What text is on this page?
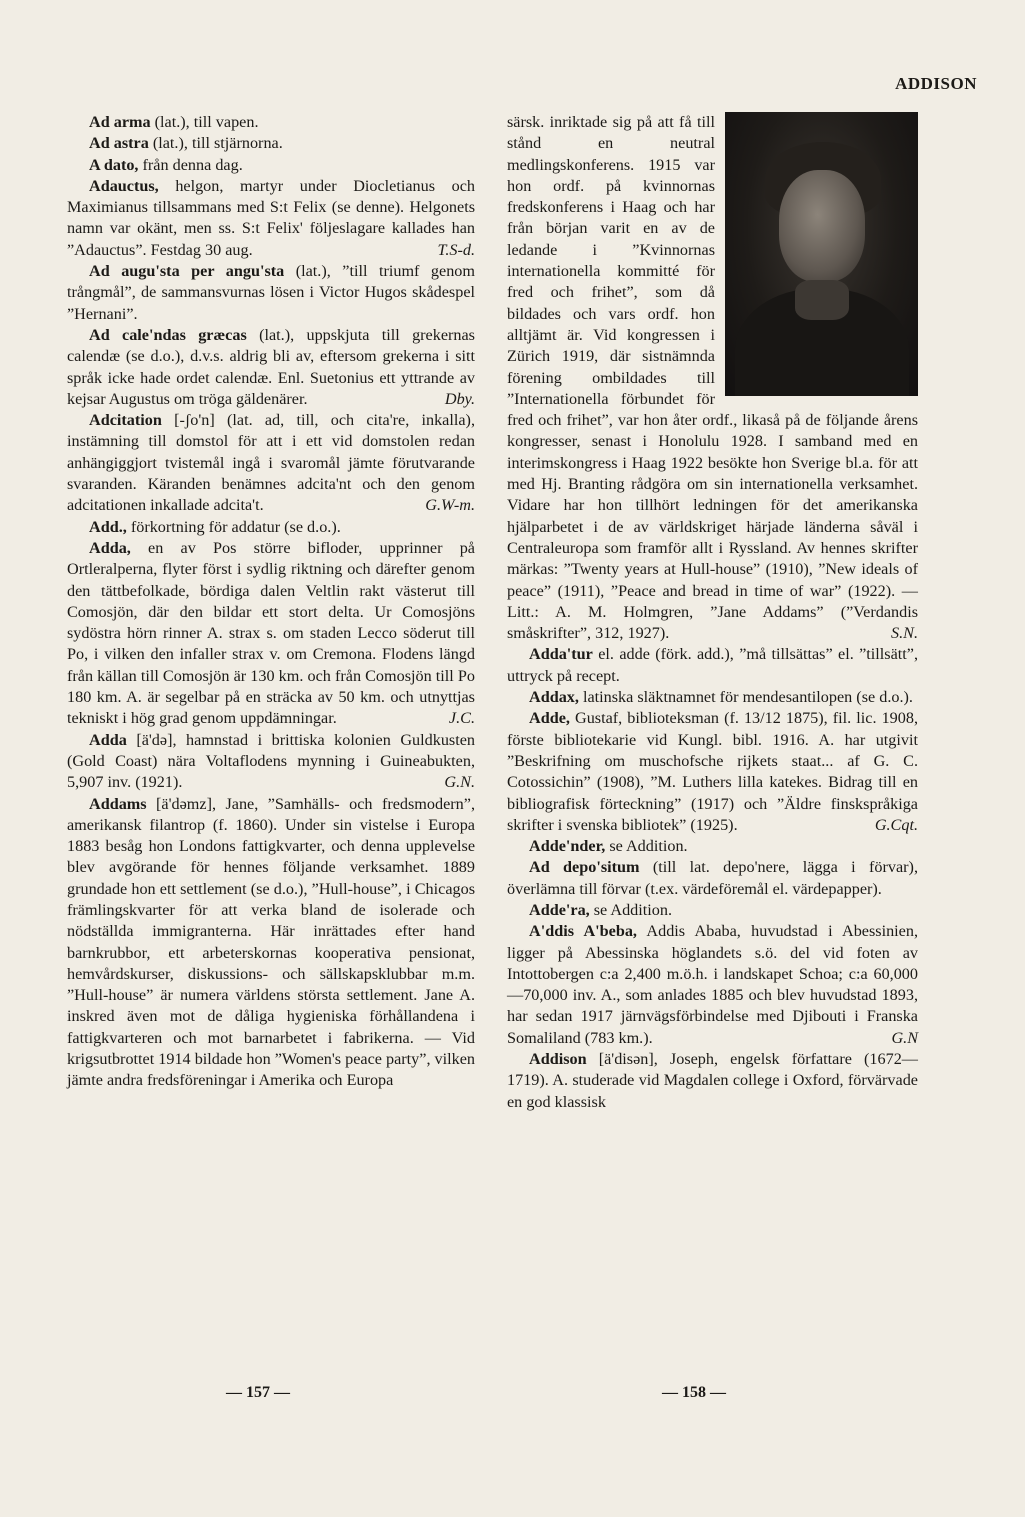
ADDISON

Ad arma (lat.), till vapen.

Ad astra (lat.), till stjärnorna.

A dato, från denna dag.

Adauctus, helgon, martyr under Diocletianus och Maximianus tillsammans med S:t Felix (se denne). Helgonets namn var okänt, men ss. S:t Felix' följeslagare kallades han ”Adauctus”. Festdag 30 aug.	T.S-d.

Ad augu'sta per angu'sta (lat.), ”till triumf genom trångmål”, de sammansvurnas lösen i Victor Hugos skådespel ”Hernani”.

Ad cale'ndas græcas (lat.), uppskjuta till grekernas calendæ (se d.o.), d.v.s. aldrig bli av, eftersom grekerna i sitt språk icke hade ordet calendæ. Enl. Suetonius ett yttrande av kejsar Augustus om tröga gäldenärer.	Dby.

Adcitation [-ʃo'n] (lat. ad, till, och cita're, inkalla), instämning till domstol för att i ett vid domstolen redan anhängiggjort tvistemål ingå i svaromål jämte förutvarande svaranden. Käranden benämnes adcita'nt och den genom adcitationen inkallade adcita't.	G.W-m.

Add., förkortning för addatur (se d.o.).

Adda, en av Pos större bifloder, upprinner på Ortleralperna, flyter först i sydlig riktning och därefter genom den tättbefolkade, bördiga dalen Veltlin rakt västerut till Comosjön, där den bildar ett stort delta. Ur Comosjöns sydöstra hörn rinner A. strax s. om staden Lecco söderut till Po, i vilken den infaller strax v. om Cremona. Flodens längd från källan till Comosjön är 130 km. och från Comosjön till Po 180 km. A. är segelbar på en sträcka av 50 km. och utnyttjas tekniskt i hög grad genom uppdämningar.	J.C.

Adda [ä'də], hamnstad i brittiska kolonien Guldkusten (Gold Coast) nära Voltaflodens mynning i Guineabukten, 5,907 inv. (1921).	G.N.

Addams [ä'dəmz], Jane, ”Samhälls- och fredsmodern”, amerikansk filantrop (f. 1860). Under sin vistelse i Europa 1883 besåg hon Londons fattigkvarter, och denna upplevelse blev avgörande för hennes följande verksamhet. 1889 grundade hon ett settlement (se d.o.), ”Hull-house”, i Chicagos främlingskvarter för att verka bland de isolerade och nödställda immigranterna. Här inrättades efter hand barnkrubbor, ett arbeterskornas kooperativa pensionat, hemvårdskurser, diskussions- och sällskapsklubbar m.m. ”Hull-house” är numera världens största settlement. Jane A. inskred även mot de dåliga hygieniska förhållandena i fattigkvarteren och mot barnarbetet i fabrikerna. — Vid krigsutbrottet 1914 bildade hon ”Women's peace party”, vilken jämte andra fredsföreningar i Amerika och Europa

särsk. inriktade sig på att få till stånd en neutral medlingskonferens. 1915 var hon ordf. på kvinnornas fredskonferens i Haag och har från början varit en av de ledande i ”Kvinnornas internationella kommitté för fred och frihet”, som då bildades och vars ordf. hon alltjämt är. Vid kongressen i Zürich 1919, där sistnämnda förening ombildades till ”Internationella förbundet för fred och frihet”, var hon åter ordf., likaså på de följande årens kongresser, senast i Honolulu 1928. I samband med en interimskongress i Haag 1922 besökte hon Sverige bl.a. för att med Hj. Branting rådgöra om sin internationella verksamhet. Vidare har hon tillhört ledningen för det amerikanska hjälparbetet i de av världskriget härjade länderna såväl i Centraleuropa som framför allt i Ryssland. Av hennes skrifter märkas: ”Twenty years at Hull-house” (1910), ”New ideals of peace” (1911), ”Peace and bread in time of war” (1922). — Litt.: A. M. Holmgren, ”Jane Addams” (”Verdandis småskrifter”, 312, 1927).	S.N.

Adda'tur el. adde (förk. add.), ”må tillsättas” el. ”tillsätt”, uttryck på recept.

Addax, latinska släktnamnet för mendesantilopen (se d.o.).

Adde, Gustaf, biblioteksman (f. 13/12 1875), fil. lic. 1908, förste bibliotekarie vid Kungl. bibl. 1916. A. har utgivit ”Beskrifning om muschofsche rijkets staat... af G. C. Cotossichin” (1908), ”M. Luthers lilla katekes. Bidrag till en bibliografisk förteckning” (1917) och ”Äldre finskspråkiga skrifter i svenska bibliotek” (1925).	G.Cqt.

Adde'nder, se Addition.

Ad depo'situm (till lat. depo'nere, lägga i förvar), överlämna till förvar (t.ex. värdeföremål el. värdepapper).

Adde'ra, se Addition.

A'ddis A'beba, Addis Ababa, huvudstad i Abessinien, ligger på Abessinska höglandets s.ö. del vid foten av Intottobergen c:a 2,400 m.ö.h. i landskapet Schoa; c:a 60,000—70,000 inv. A., som anlades 1885 och blev huvudstad 1893, har sedan 1917 järnvägsförbindelse med Djibouti i Franska Somaliland (783 km.).	G.N

Addison [ä'disən], Joseph, engelsk författare (1672—1719). A. studerade vid Magdalen college i Oxford, förvärvade en god klassisk

— 157 —	— 158 —
